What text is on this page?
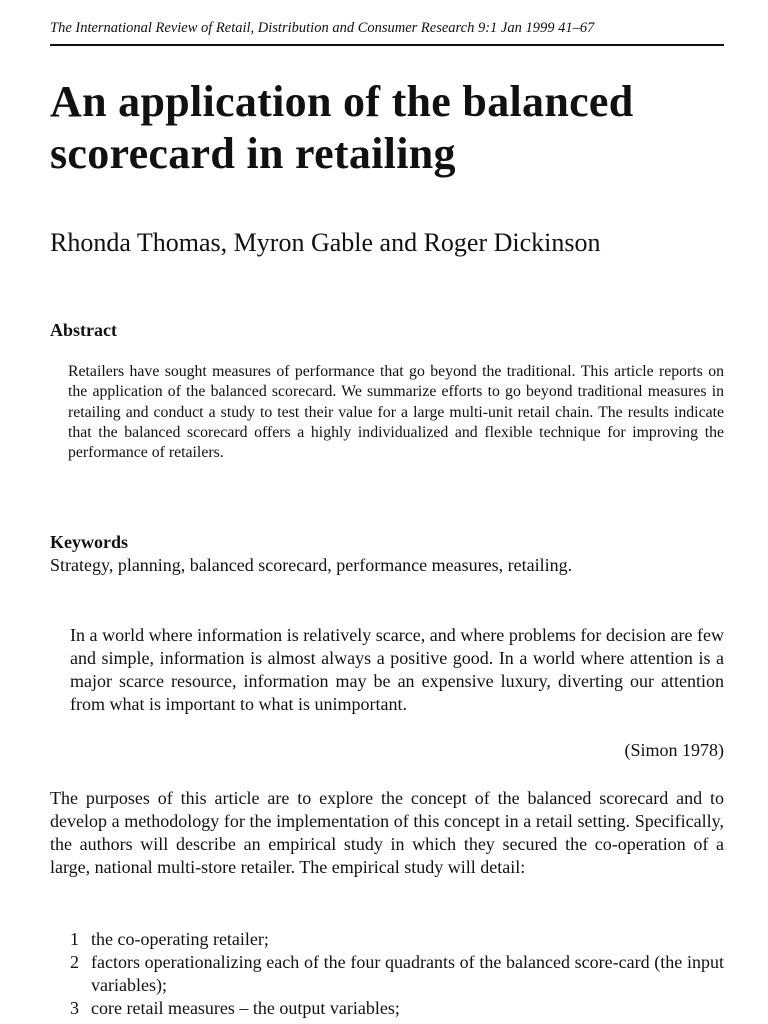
The International Review of Retail, Distribution and Consumer Research 9:1 Jan 1999 41–67
An application of the balanced scorecard in retailing
Rhonda Thomas, Myron Gable and Roger Dickinson
Abstract

Retailers have sought measures of performance that go beyond the traditional. This article reports on the application of the balanced scorecard. We summarize efforts to go beyond traditional measures in retailing and conduct a study to test their value for a large multi-unit retail chain. The results indicate that the balanced scorecard offers a highly individualized and flexible technique for improving the performance of retailers.

Keywords
Strategy, planning, balanced scorecard, performance measures, retailing.

In a world where information is relatively scarce, and where problems for decision are few and simple, information is almost always a positive good. In a world where attention is a major scarce resource, information may be an expensive luxury, diverting our attention from what is important to what is unimportant.

(Simon 1978)

The purposes of this article are to explore the concept of the balanced scorecard and to develop a methodology for the implementation of this concept in a retail setting. Specifically, the authors will describe an empirical study in which they secured the co-operation of a large, national multi-store retailer. The empirical study will detail:

1 the co-operating retailer;
2 factors operationalizing each of the four quadrants of the balanced score-card (the input variables);
3 core retail measures – the output variables;
